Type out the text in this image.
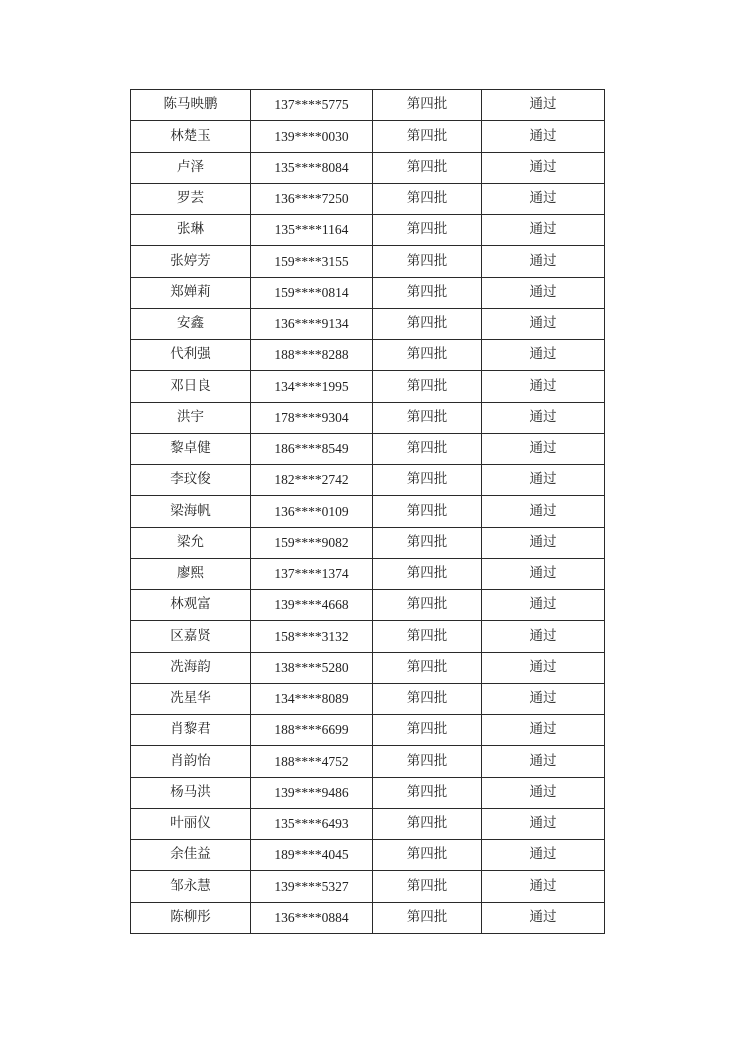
陈马映鹏	137****5775	第四批	通过
林楚玉	139****0030	第四批	通过
卢泽	135****8084	第四批	通过
罗芸	136****7250	第四批	通过
张琳	135****1164	第四批	通过
张婷芳	159****3155	第四批	通过
郑婵莉	159****0814	第四批	通过
安鑫	136****9134	第四批	通过
代利强	188****8288	第四批	通过
邓日良	134****1995	第四批	通过
洪宇	178****9304	第四批	通过
黎卓健	186****8549	第四批	通过
李玟俊	182****2742	第四批	通过
梁海帆	136****0109	第四批	通过
梁允	159****9082	第四批	通过
廖熙	137****1374	第四批	通过
林观富	139****4668	第四批	通过
区嘉贤	158****3132	第四批	通过
冼海韵	138****5280	第四批	通过
冼星华	134****8089	第四批	通过
肖黎君	188****6699	第四批	通过
肖韵怡	188****4752	第四批	通过
杨马洪	139****9486	第四批	通过
叶丽仪	135****6493	第四批	通过
余佳益	189****4045	第四批	通过
邹永慧	139****5327	第四批	通过
陈柳彤	136****0884	第四批	通过
